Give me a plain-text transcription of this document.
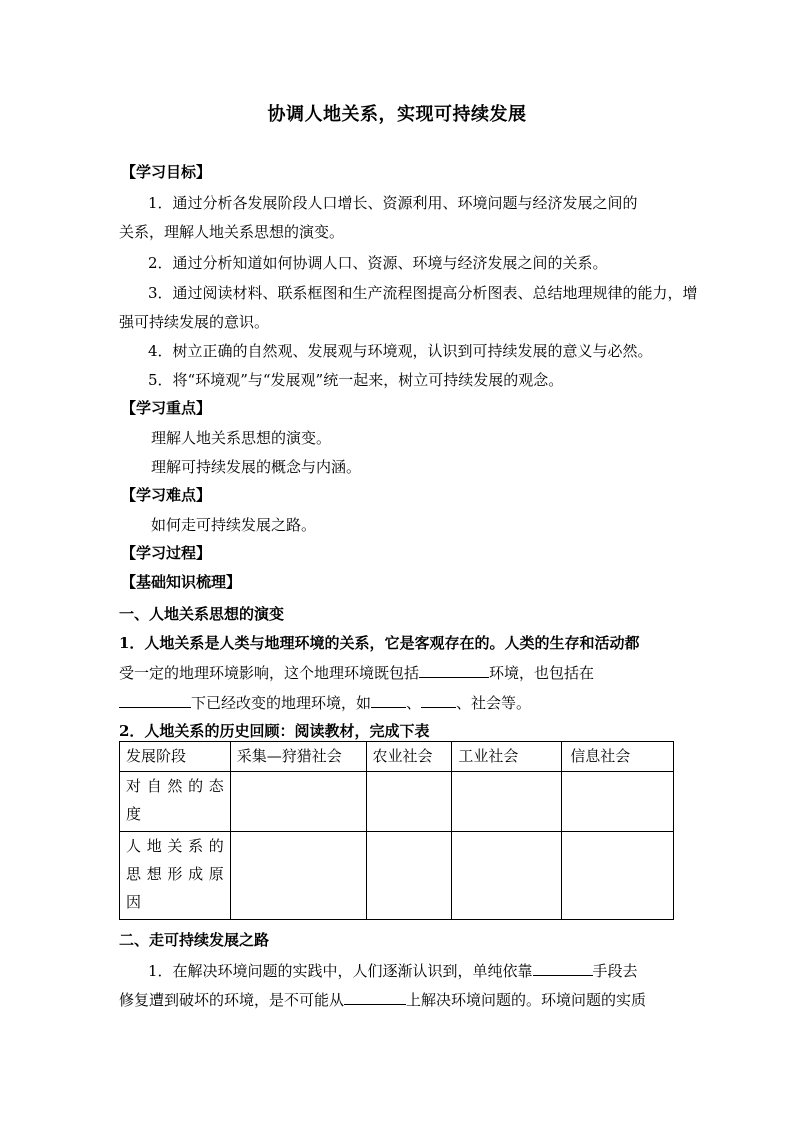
协调人地关系，实现可持续发展
【学习目标】
1．通过分析各发展阶段人口增长、资源利用、环境问题与经济发展之间的
关系，理解人地关系思想的演变。
2．通过分析知道如何协调人口、资源、环境与经济发展之间的关系。
3．通过阅读材料、联系框图和生产流程图提高分析图表、总结地理规律的能力，增
强可持续发展的意识。
4．树立正确的自然观、发展观与环境观，认识到可持续发展的意义与必然。
5．将“环境观”与“发展观”统一起来，树立可持续发展的观念。
【学习重点】
理解人地关系思想的演变。
理解可持续发展的概念与内涵。
【学习难点】
如何走可持续发展之路。
【学习过程】
【基础知识梳理】
一、人地关系思想的演变
1．人地关系是人类与地理环境的关系，它是客观存在的。人类的生存和活动都
受一定的地理环境影响，这个地理环境既包括	环境，也包括在
下已经改变的地理环境，如 、 、社会等。
2．人地关系的历史回顾：阅读教材，完成下表
发展阶段	采集—狩猎社会	农业社会	工业社会	信息社会

对自然的态
度				

人地关系的
思想形成原
因				

二、走可持续发展之路
1．在解决环境问题的实践中，人们逐渐认识到，单纯依靠	手段去
修复遭到破坏的环境，是不可能从	上解决环境问题的。环境问题的实质
